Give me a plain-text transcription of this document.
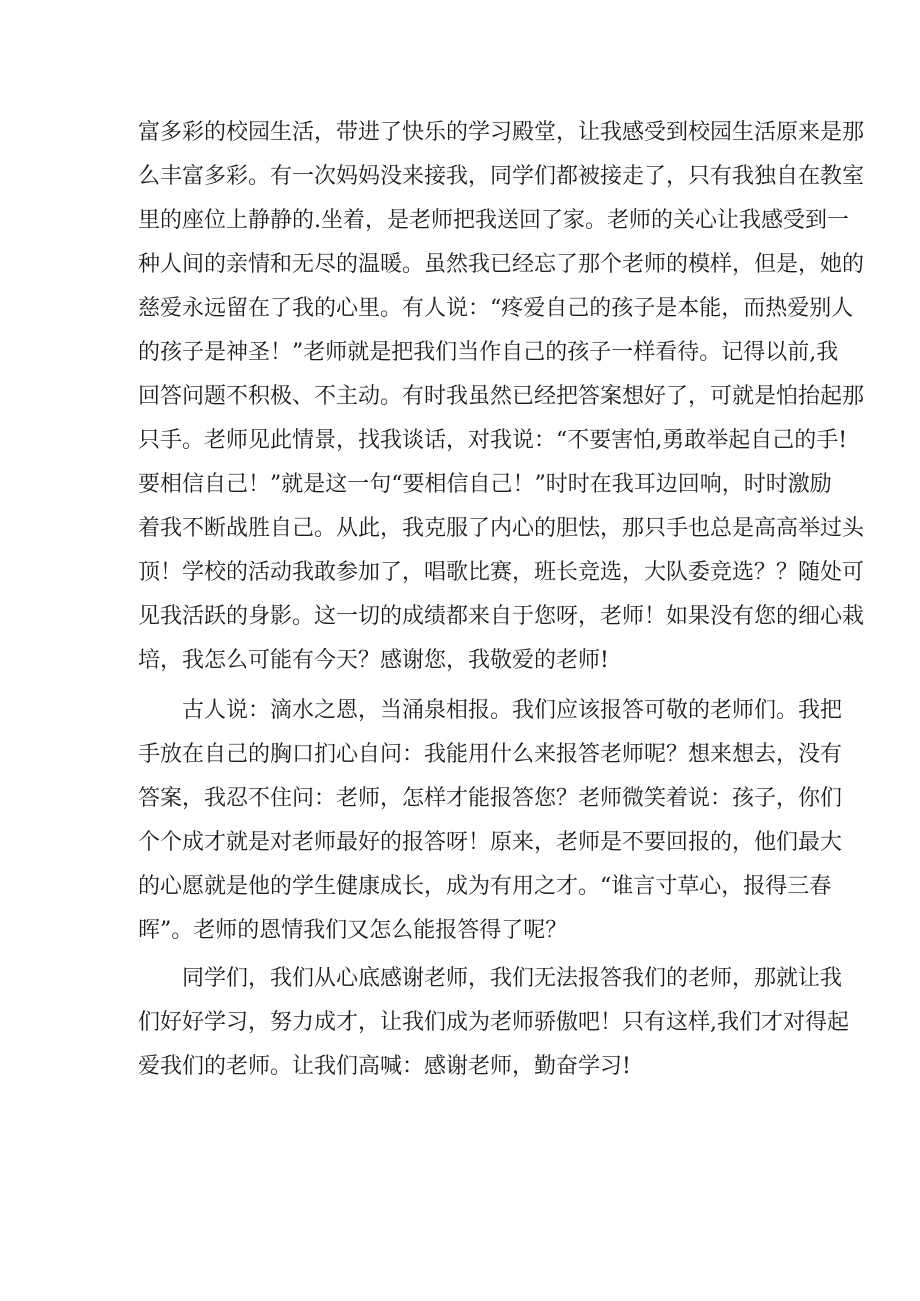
富多彩的校园生活，带进了快乐的学习殿堂，让我感受到校园生活原来是那
么丰富多彩。有一次妈妈没来接我，同学们都被接走了，只有我独自在教室
里的座位上静静的.坐着，是老师把我送回了家。老师的关心让我感受到一
种人间的亲情和无尽的温暖。虽然我已经忘了那个老师的模样，但是，她的
慈爱永远留在了我的心里。有人说：“疼爱自己的孩子是本能，而热爱别人
的孩子是神圣！”老师就是把我们当作自己的孩子一样看待。记得以前,我
回答问题不积极、不主动。有时我虽然已经把答案想好了，可就是怕抬起那
只手。老师见此情景，找我谈话，对我说：“不要害怕,勇敢举起自己的手!
要相信自己！”就是这一句“要相信自己！”时时在我耳边回响，时时激励
着我不断战胜自己。从此，我克服了内心的胆怯，那只手也总是高高举过头
顶！学校的活动我敢参加了，唱歌比赛，班长竞选，大队委竞选？？随处可
见我活跃的身影。这一切的成绩都来自于您呀，老师！如果没有您的细心栽
培，我怎么可能有今天？感谢您，我敬爱的老师!
古人说：滴水之恩，当涌泉相报。我们应该报答可敬的老师们。我把
手放在自己的胸口扪心自问：我能用什么来报答老师呢？想来想去，没有
答案，我忍不住问：老师，怎样才能报答您？老师微笑着说：孩子，你们
个个成才就是对老师最好的报答呀！原来，老师是不要回报的，他们最大
的心愿就是他的学生健康成长，成为有用之才。“谁言寸草心，报得三春
晖”。老师的恩情我们又怎么能报答得了呢？
同学们，我们从心底感谢老师，我们无法报答我们的老师，那就让我
们好好学习，努力成才，让我们成为老师骄傲吧！只有这样,我们才对得起
爱我们的老师。让我们高喊：感谢老师，勤奋学习!
